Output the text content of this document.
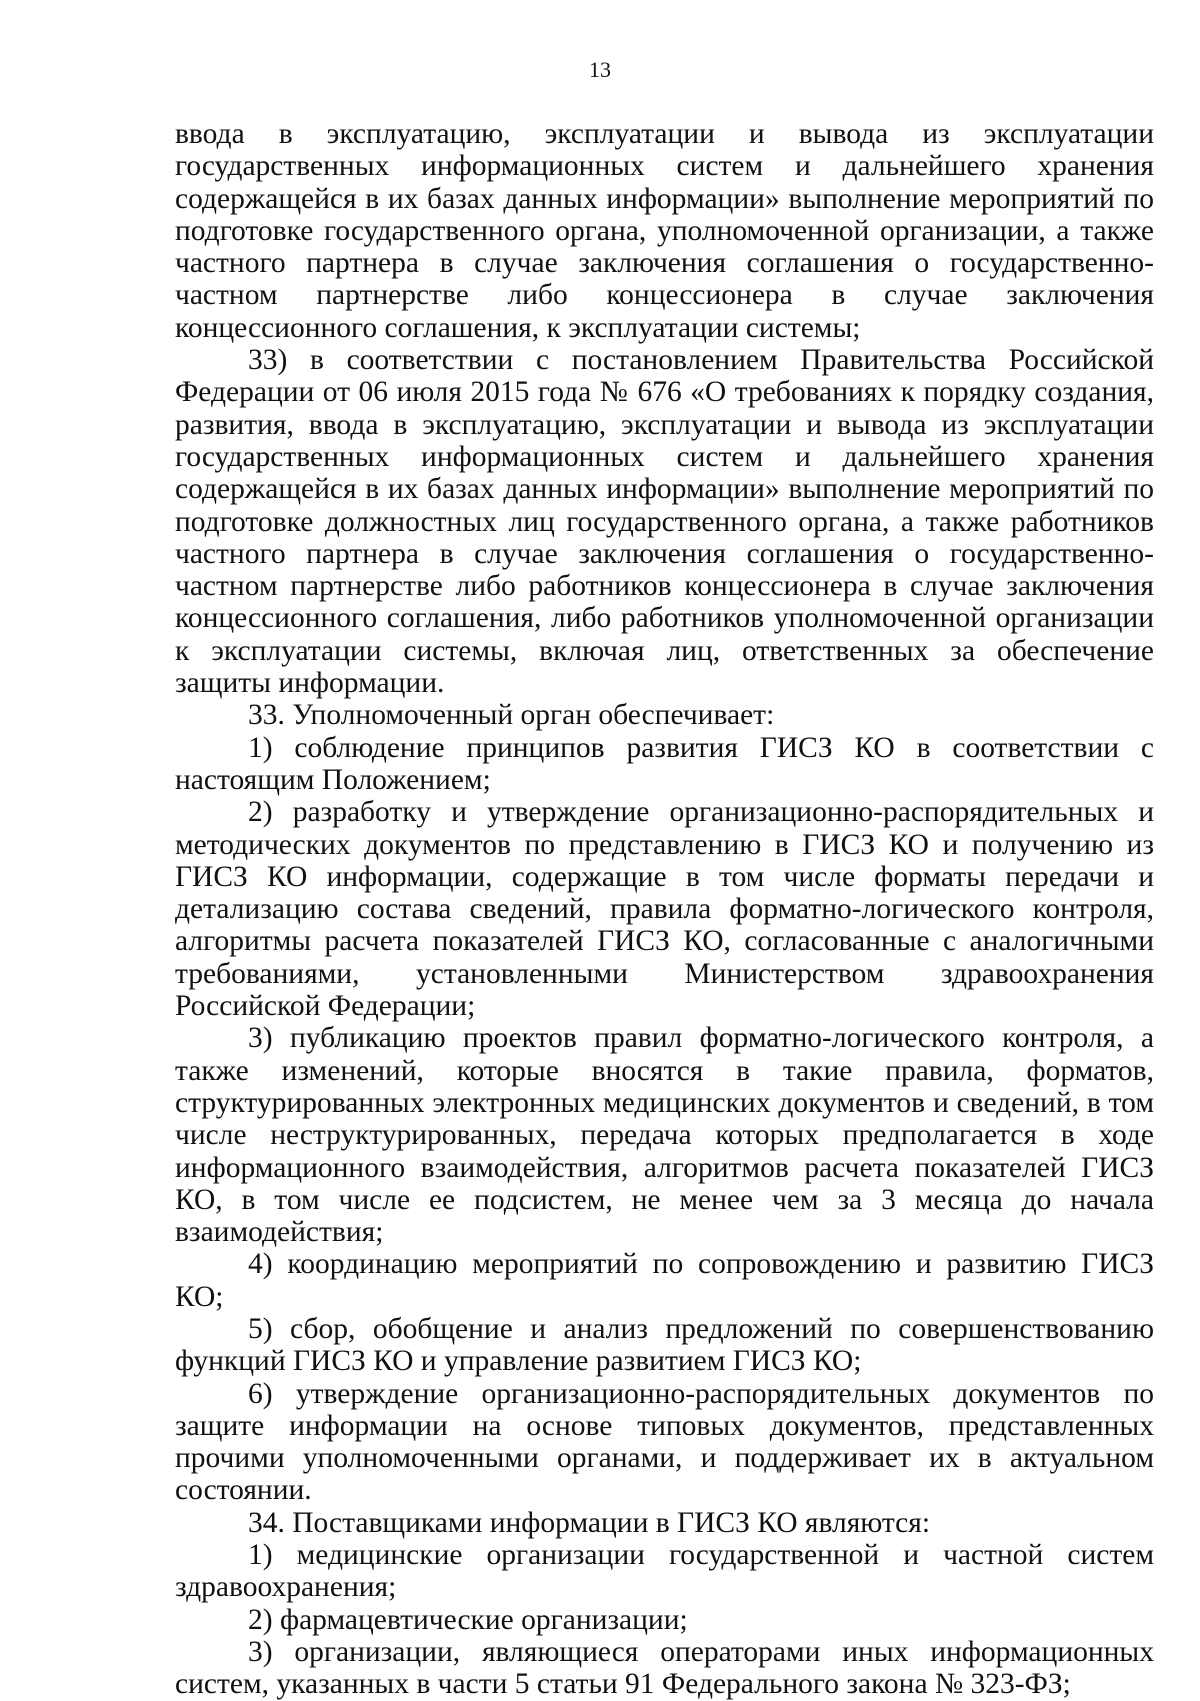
13

ввода в эксплуатацию, эксплуатации и вывода из эксплуатации государственных информационных систем и дальнейшего хранения содержащейся в их базах данных информации» выполнение мероприятий по подготовке государственного органа, уполномоченной организации, а также частного партнера в случае заключения соглашения о государственно-частном партнерстве либо концессионера в случае заключения концессионного соглашения, к эксплуатации системы;

33) в соответствии с постановлением Правительства Российской Федерации от 06 июля 2015 года № 676 «О требованиях к порядку создания, развития, ввода в эксплуатацию, эксплуатации и вывода из эксплуатации государственных информационных систем и дальнейшего хранения содержащейся в их базах данных информации» выполнение мероприятий по подготовке должностных лиц государственного органа, а также работников частного партнера в случае заключения соглашения о государственно-частном партнерстве либо работников концессионера в случае заключения концессионного соглашения, либо работников уполномоченной организации к эксплуатации системы, включая лиц, ответственных за обеспечение защиты информации.

33. Уполномоченный орган обеспечивает:

1) соблюдение принципов развития ГИСЗ КО в соответствии с настоящим Положением;

2) разработку и утверждение организационно-распорядительных и методических документов по представлению в ГИСЗ КО и получению из ГИСЗ КО информации, содержащие в том числе форматы передачи и детализацию состава сведений, правила форматно-логического контроля, алгоритмы расчета показателей ГИСЗ КО, согласованные с аналогичными требованиями, установленными Министерством здравоохранения Российской Федерации;

3) публикацию проектов правил форматно-логического контроля, а также изменений, которые вносятся в такие правила, форматов, структурированных электронных медицинских документов и сведений, в том числе неструктурированных, передача которых предполагается в ходе информационного взаимодействия, алгоритмов расчета показателей ГИСЗ КО, в том числе ее подсистем, не менее чем за 3 месяца до начала взаимодействия;

4) координацию мероприятий по сопровождению и развитию ГИСЗ КО;

5) сбор, обобщение и анализ предложений по совершенствованию функций ГИСЗ КО и управление развитием ГИСЗ КО;

6) утверждение организационно-распорядительных документов по защите информации на основе типовых документов, представленных прочими уполномоченными органами, и поддерживает их в актуальном состоянии.

34. Поставщиками информации в ГИСЗ КО являются:

1) медицинские организации государственной и частной систем здравоохранения;

2) фармацевтические организации;

3) организации, являющиеся операторами иных информационных систем, указанных в части 5 статьи 91 Федерального закона № 323-ФЗ;
